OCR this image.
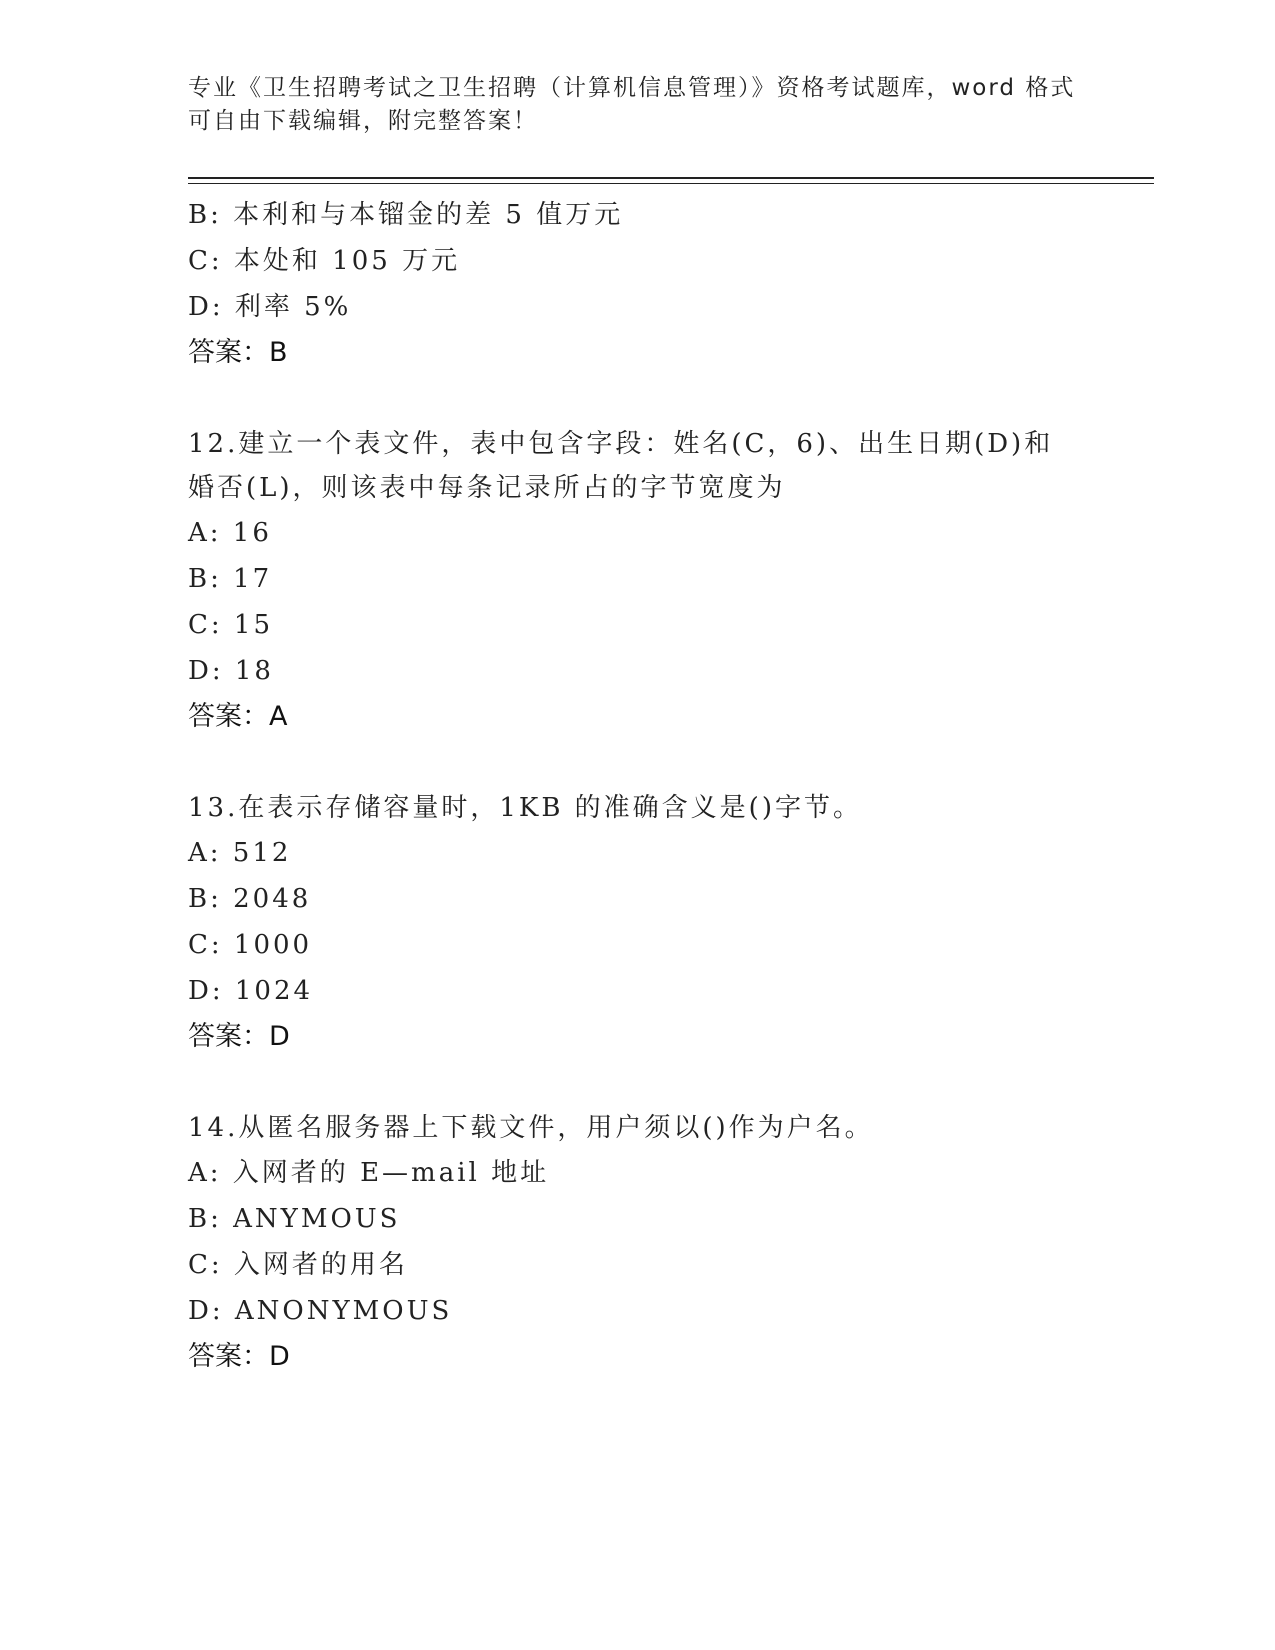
专业《卫生招聘考试之卫生招聘（计算机信息管理）》资格考试题库，word 格式
可自由下载编辑，附完整答案！
B: 本利和与本镏金的差 5 值万元
C: 本处和 105 万元
D: 利率 5%
答案：B
12.建立一个表文件，表中包含字段：姓名(C，6)、出生日期(D)和婚否(L)，则该表中每条记录所占的字节宽度为
A: 16
B: 17
C: 15
D: 18
答案：A
13.在表示存储容量时，1KB 的准确含义是()字节。
A: 512
B: 2048
C: 1000
D: 1024
答案：D
14.从匿名服务器上下载文件，用户须以()作为户名。
A: 入网者的 E—mail 地址
B: ANYMOUS
C: 入网者的用名
D: ANONYMOUS
答案：D
